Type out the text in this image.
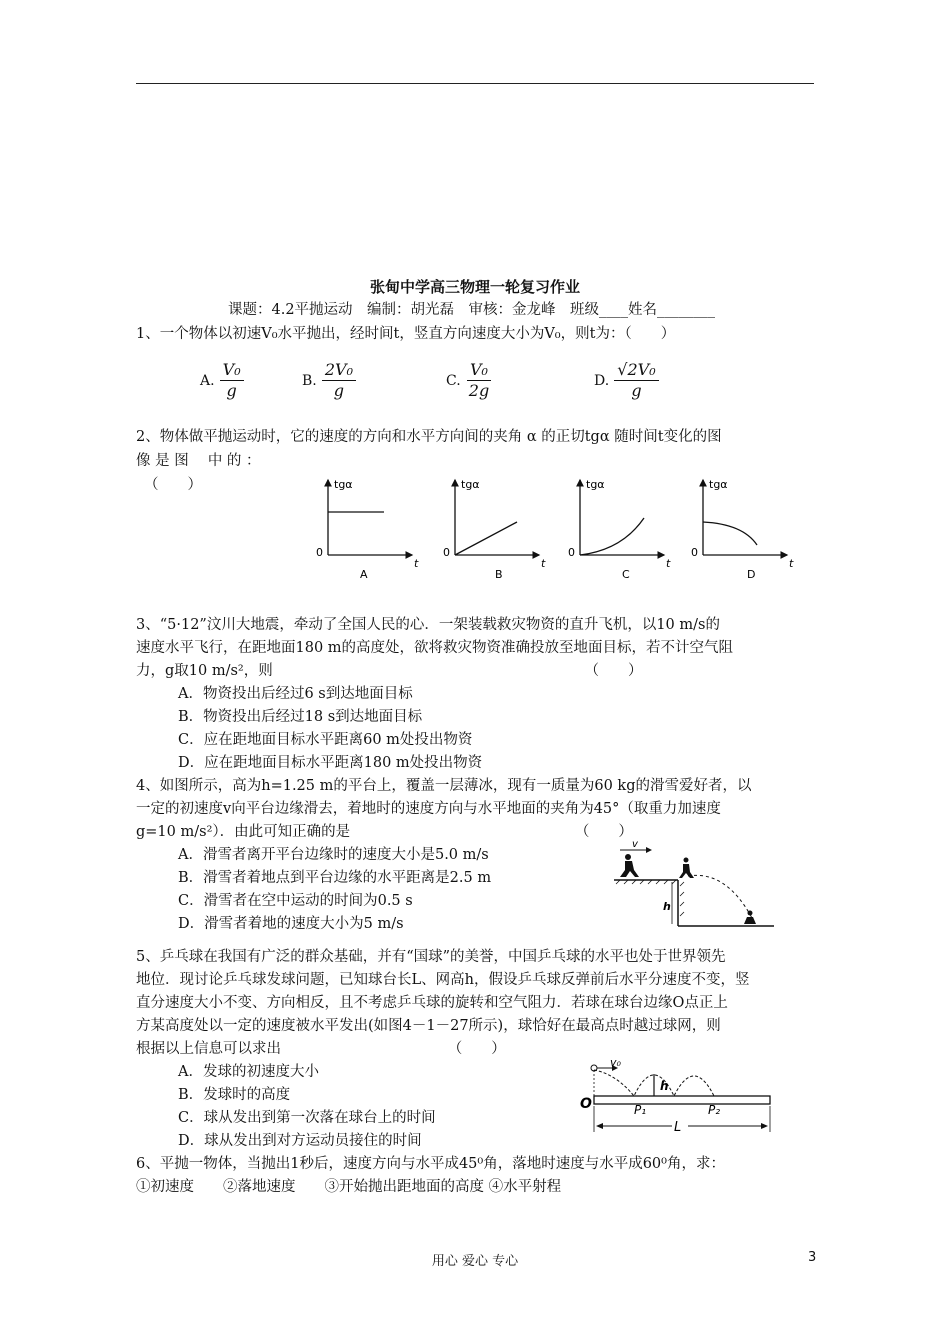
张甸中学高三物理一轮复习作业
课题：4.2平抛运动　编制：胡光磊　审核：金龙峰　班级____姓名________
1、一个物体以初速V₀水平抛出，经时间t，竖直方向速度大小为V₀，则t为：（　　）
A. $\frac{\text{V₀}}{g}$	B. $\frac{\text{2V₀}}{g}$	C. $\frac{\text{V₀}}{2g}$	D. $\frac{\text{√2V₀}}{g}$
2、物体做平抛运动时，它的速度的方向和水平方向间的夹角 α 的正切tgα 随时间t变化的图
像 是 图　 中 的 ：
（　　）	tgα
0
t
A
tgα
0
t
B
tgα
0
t
C
tgα
0
t
D
3、“5·12”汶川大地震，牵动了全国人民的心．一架装载救灾物资的直升飞机，以10 m/s的
速度水平飞行，在距地面180 m的高度处，欲将救灾物资准确投放至地面目标，若不计空气阻
力，g取10 m/s²，则　　　　　　　　　　　　　　　　　　　　　　（　　）
A．物资投出后经过6 s到达地面目标
B．物资投出后经过18 s到达地面目标
C．应在距地面目标水平距离60 m处投出物资
D．应在距地面目标水平距离180 m处投出物资
4、如图所示，高为h=1.25 m的平台上，覆盖一层薄冰，现有一质量为60 kg的滑雪爱好者，以
一定的初速度v向平台边缘滑去，着地时的速度方向与水平地面的夹角为45°（取重力加速度
g=10 m/s²）．由此可知正确的是　　　　　　　　　　　　　　　　（　　）
A．滑雪者离开平台边缘时的速度大小是5.0 m/s
B．滑雪者着地点到平台边缘的水平距离是2.5 m
C．滑雪者在空中运动的时间为0.5 s
D．滑雪者着地的速度大小为5 m/s
h
v
5、乒乓球在我国有广泛的群众基础，并有“国球”的美誉，中国乒乓球的水平也处于世界领先
地位．现讨论乒乓球发球问题，已知球台长L、网高h，假设乒乓球反弹前后水平分速度不变，竖
直分速度大小不变、方向相反，且不考虑乒乓球的旋转和空气阻力．若球在球台边缘O点正上
方某高度处以一定的速度被水平发出(如图4－1－27所示)，球恰好在最高点时越过球网，则
根据以上信息可以求出　　　　　　　　　　　　（　　）
A．发球的初速度大小
B．发球时的高度
C．球从发出到第一次落在球台上的时间
D．球从发出到对方运动员接住的时间
v₀
h
O	P₁	P₂
L
6、平抛一物体，当抛出1秒后，速度方向与水平成45⁰角，落地时速度与水平成60⁰角，求：
①初速度　　②落地速度　　③开始抛出距地面的高度 ④水平射程
用心 爱心 专心	3
